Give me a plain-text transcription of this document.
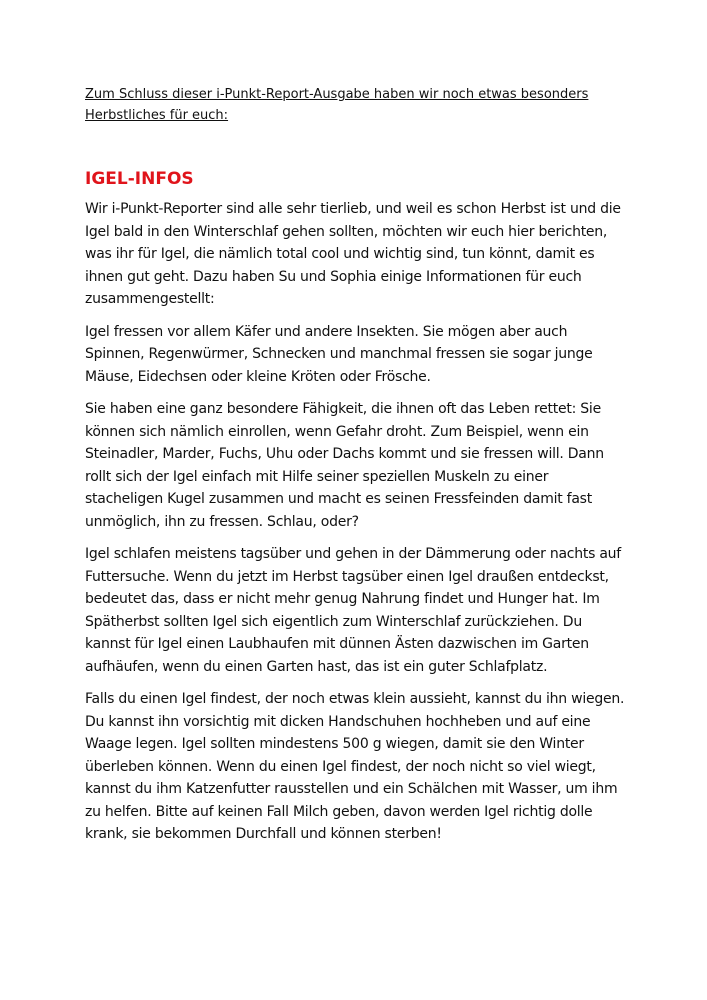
Zum Schluss dieser i-Punkt-Report-Ausgabe haben wir noch etwas besonders Herbstliches für euch:

IGEL-INFOS

Wir i-Punkt-Reporter sind alle sehr tierlieb, und weil es schon Herbst ist und die Igel bald in den Winterschlaf gehen sollten, möchten wir euch hier berichten, was ihr für Igel, die nämlich total cool und wichtig sind, tun könnt, damit es ihnen gut geht. Dazu haben Su und Sophia einige Informationen für euch zusammengestellt:

Igel fressen vor allem Käfer und andere Insekten. Sie mögen aber auch Spinnen, Regenwürmer, Schnecken und manchmal fressen sie sogar junge Mäuse, Eidechsen oder kleine Kröten oder Frösche.

Sie haben eine ganz besondere Fähigkeit, die ihnen oft das Leben rettet: Sie können sich nämlich einrollen, wenn Gefahr droht. Zum Beispiel, wenn ein Steinadler, Marder, Fuchs, Uhu oder Dachs kommt und sie fressen will. Dann rollt sich der Igel einfach mit Hilfe seiner speziellen Muskeln zu einer stacheligen Kugel zusammen und macht es seinen Fressfeinden damit fast unmöglich, ihn zu fressen. Schlau, oder?

Igel schlafen meistens tagsüber und gehen in der Dämmerung oder nachts auf Futtersuche. Wenn du jetzt im Herbst tagsüber einen Igel draußen entdeckst, bedeutet das, dass er nicht mehr genug Nahrung findet und Hunger hat. Im Spätherbst sollten Igel sich eigentlich zum Winterschlaf zurückziehen. Du kannst für Igel einen Laubhaufen mit dünnen Ästen dazwischen im Garten aufhäufen, wenn du einen Garten hast, das ist ein guter Schlafplatz.

Falls du einen Igel findest, der noch etwas klein aussieht, kannst du ihn wiegen. Du kannst ihn vorsichtig mit dicken Handschuhen hochheben und auf eine Waage legen. Igel sollten mindestens 500 g wiegen, damit sie den Winter überleben können. Wenn du einen Igel findest, der noch nicht so viel wiegt, kannst du ihm Katzenfutter rausstellen und ein Schälchen mit Wasser, um ihm zu helfen. Bitte auf keinen Fall Milch geben, davon werden Igel richtig dolle krank, sie bekommen Durchfall und können sterben!
